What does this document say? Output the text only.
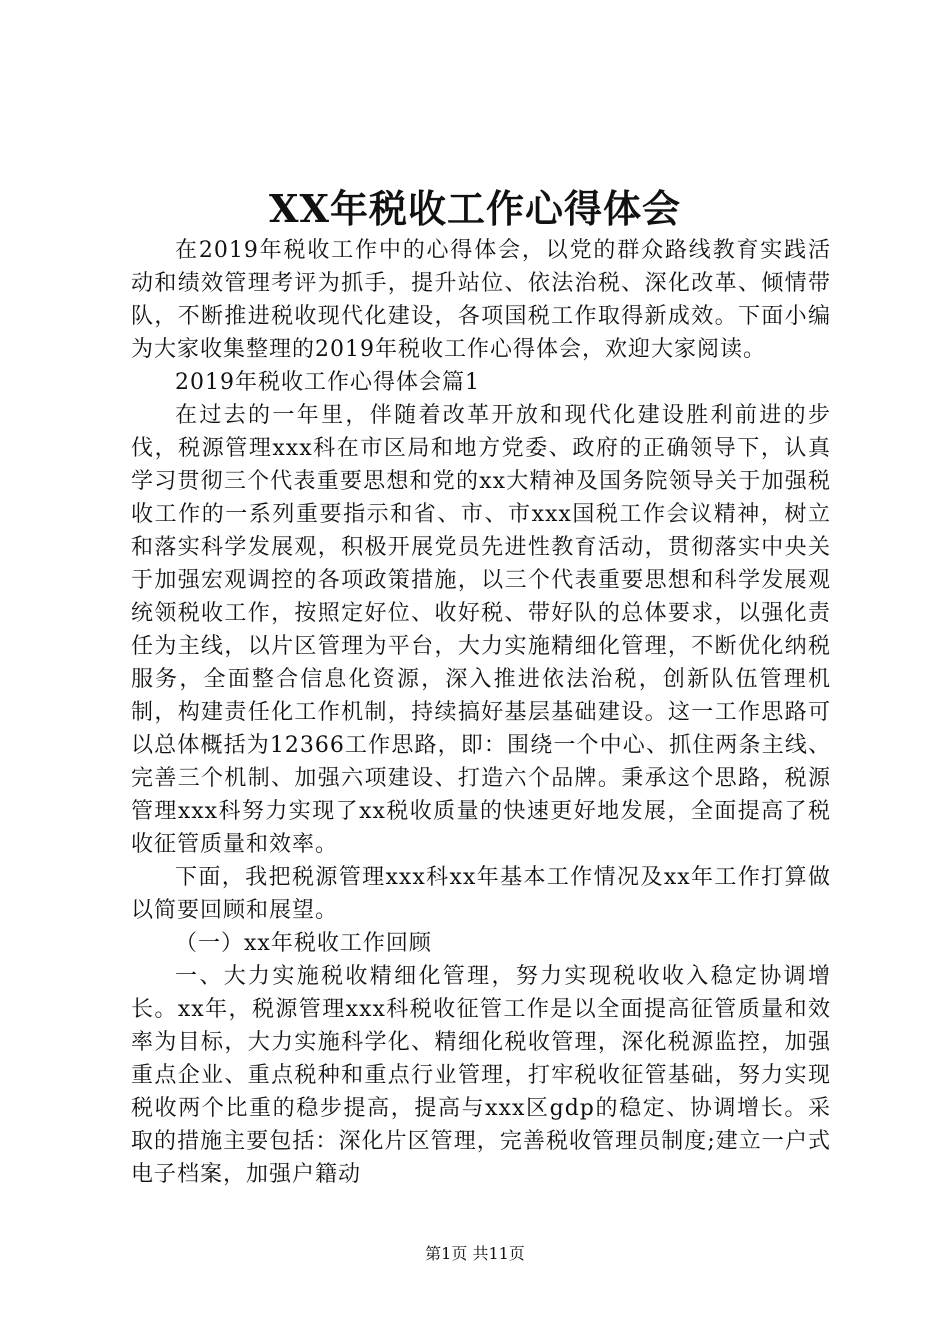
XX年税收工作心得体会

在2019年税收工作中的心得体会，以党的群众路线教育实践活动和绩效管理考评为抓手，提升站位、依法治税、深化改革、倾情带队，不断推进税收现代化建设，各项国税工作取得新成效。下面小编为大家收集整理的2019年税收工作心得体会，欢迎大家阅读。

2019年税收工作心得体会篇1

在过去的一年里，伴随着改革开放和现代化建设胜利前进的步伐，税源管理xxx科在市区局和地方党委、政府的正确领导下，认真学习贯彻三个代表重要思想和党的xx大精神及国务院领导关于加强税收工作的一系列重要指示和省、市、市xxx国税工作会议精神，树立和落实科学发展观，积极开展党员先进性教育活动，贯彻落实中央关于加强宏观调控的各项政策措施，以三个代表重要思想和科学发展观统领税收工作，按照定好位、收好税、带好队的总体要求，以强化责任为主线，以片区管理为平台，大力实施精细化管理，不断优化纳税服务，全面整合信息化资源，深入推进依法治税，创新队伍管理机制，构建责任化工作机制，持续搞好基层基础建设。这一工作思路可以总体概括为12366工作思路，即：围绕一个中心、抓住两条主线、完善三个机制、加强六项建设、打造六个品牌。秉承这个思路，税源管理xxx科努力实现了xx税收质量的快速更好地发展，全面提高了税收征管质量和效率。

下面，我把税源管理xxx科xx年基本工作情况及xx年工作打算做以简要回顾和展望。

（一）xx年税收工作回顾

一、大力实施税收精细化管理，努力实现税收收入稳定协调增长。xx年，税源管理xxx科税收征管工作是以全面提高征管质量和效率为目标，大力实施科学化、精细化税收管理，深化税源监控，加强重点企业、重点税种和重点行业管理，打牢税收征管基础，努力实现税收两个比重的稳步提高，提高与xxx区gdp的稳定、协调增长。采取的措施主要包括：深化片区管理，完善税收管理员制度;建立一户式电子档案，加强户籍动

第1页 共11页
